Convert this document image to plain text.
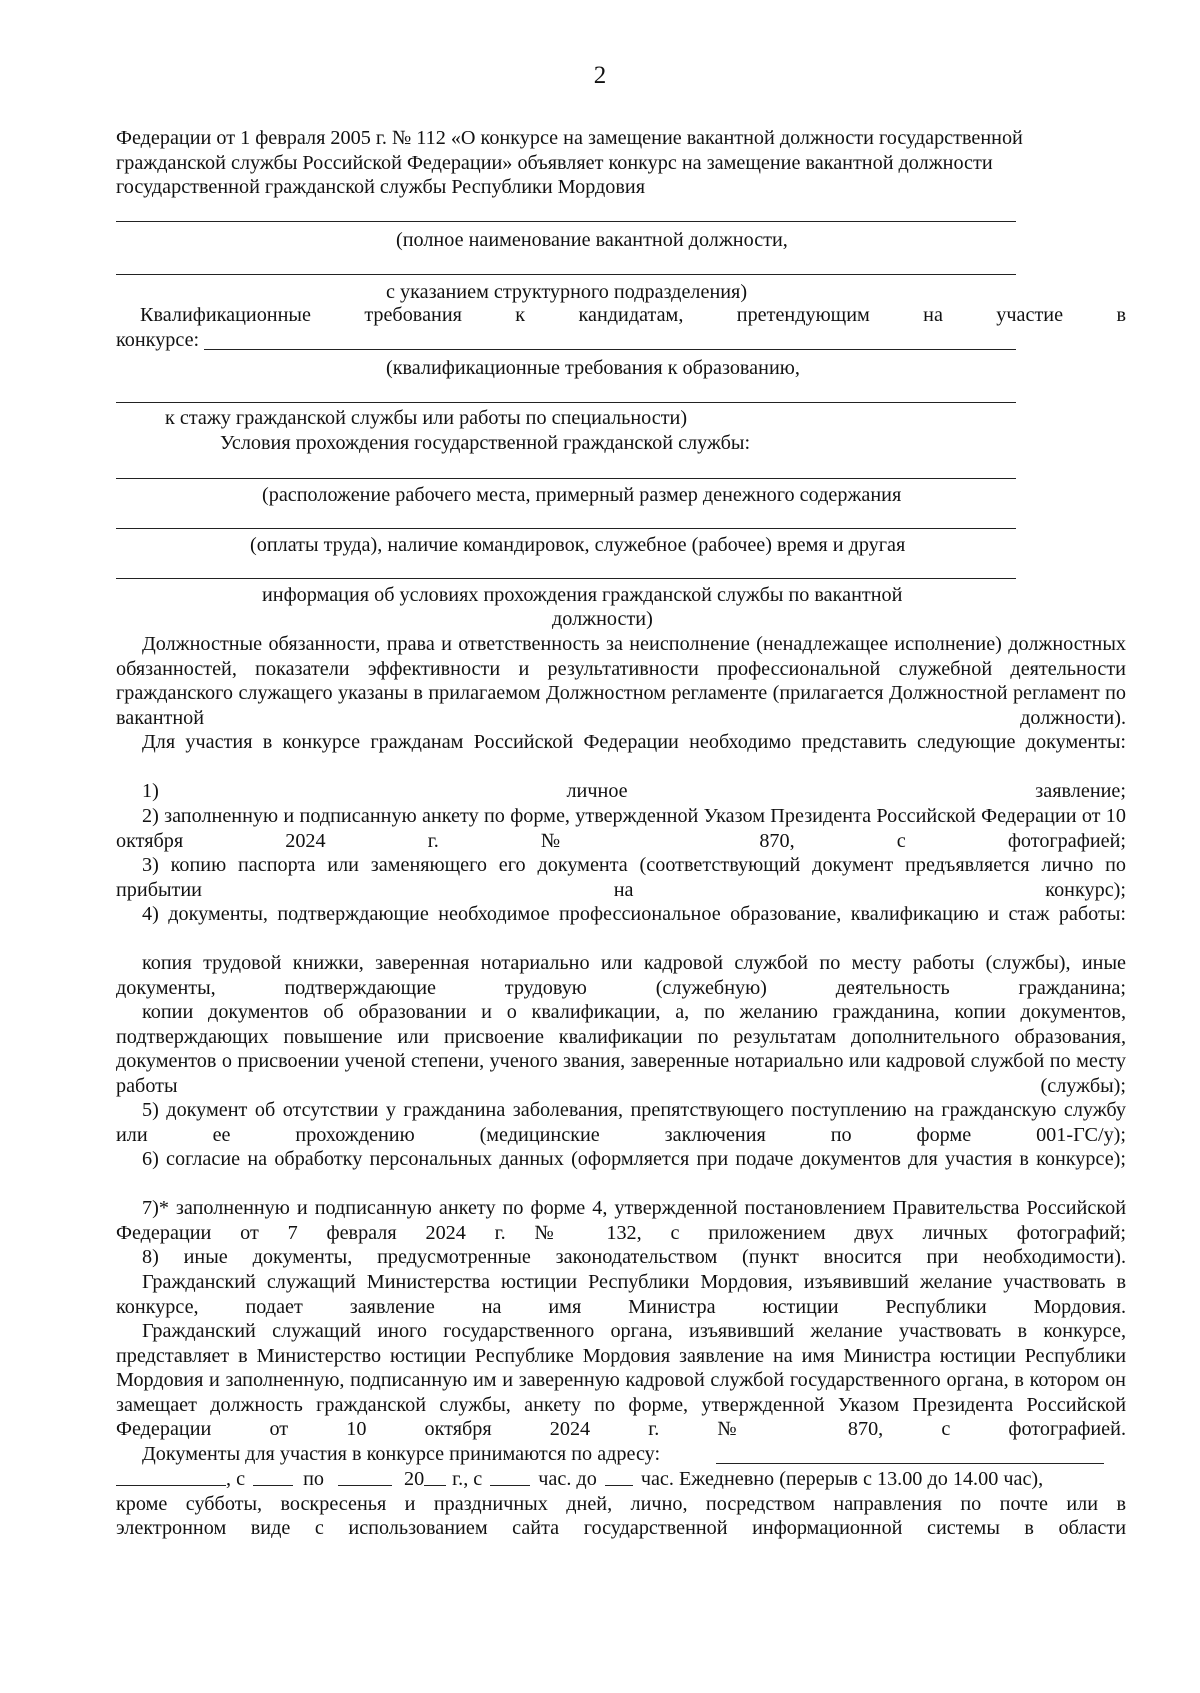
2

Федерации от 1 февраля 2005 г. № 112 «О конкурсе на замещение вакантной должности государственной гражданской службы Российской Федерации» объявляет конкурс на замещение вакантной должности государственной гражданской службы Республики Мордовия

(полное наименование вакантной должности,
с указанием структурного подразделения)
Квалификационные	требования	к	кандидатам,	претендующим	на	участие	в
конкурсе:
(квалификационные требования к образованию,
к стажу гражданской службы или работы по специальности)
Условия прохождения государственной гражданской службы:
(расположение рабочего места, примерный размер денежного содержания
(оплаты труда), наличие командировок, служебное (рабочее) время и другая
информация об условиях прохождения гражданской службы по вакантной
должности)

Должностные обязанности, права и ответственность за неисполнение (ненадлежащее исполнение) должностных обязанностей, показатели эффективности и результативности профессиональной служебной деятельности гражданского служащего указаны в прилагаемом Должностном регламенте (прилагается Должностной регламент по вакантной должности).

Для участия в конкурсе гражданам Российской Федерации необходимо представить следующие документы:

1) личное заявление;

2) заполненную и подписанную анкету по форме, утвержденной Указом Президента Российской Федерации от 10 октября 2024 г. № 870, с фотографией;

3) копию паспорта или заменяющего его документа (соответствующий документ предъявляется лично по прибытии на конкурс);

4) документы, подтверждающие необходимое профессиональное образование, квалификацию и стаж работы:

копия трудовой книжки, заверенная нотариально или кадровой службой по месту работы (службы), иные документы, подтверждающие трудовую (служебную) деятельность гражданина;

копии документов об образовании и о квалификации, а, по желанию гражданина, копии документов, подтверждающих повышение или присвоение квалификации по результатам дополнительного образования, документов о присвоении ученой степени, ученого звания, заверенные нотариально или кадровой службой по месту работы (службы);

5) документ об отсутствии у гражданина заболевания, препятствующего поступлению на гражданскую службу или ее прохождению (медицинские заключения по форме 001-ГС/у);

6) согласие на обработку персональных данных (оформляется при подаче документов для участия в конкурсе);

7)* заполненную и подписанную анкету по форме 4, утвержденной постановлением Правительства Российской Федерации от 7 февраля 2024 г. № 132, с приложением двух личных фотографий;

8) иные документы, предусмотренные законодательством (пункт вносится при необходимости).

Гражданский служащий Министерства юстиции Республики Мордовия, изъявивший желание участвовать в конкурсе, подает заявление на имя Министра юстиции Республики Мордовия.

Гражданский служащий иного государственного органа, изъявивший желание участвовать в конкурсе, представляет в Министерство юстиции Республике Мордовия заявление на имя Министра юстиции Республики Мордовия и заполненную, подписанную им и заверенную кадровой службой государственного органа, в котором он замещает должность гражданской службы, анкету по форме, утвержденной Указом Президента Российской Федерации от 10 октября 2024 г. № 870, с фотографией.

Документы для участия в конкурсе принимаются по адресу:
, с	по	20 г., с	час. до час. Ежедневно (перерыв с 13.00 до 14.00 час),

кроме субботы, воскресенья и праздничных дней, лично, посредством направления по почте или в

электронном виде с использованием сайта государственной информационной системы в области
